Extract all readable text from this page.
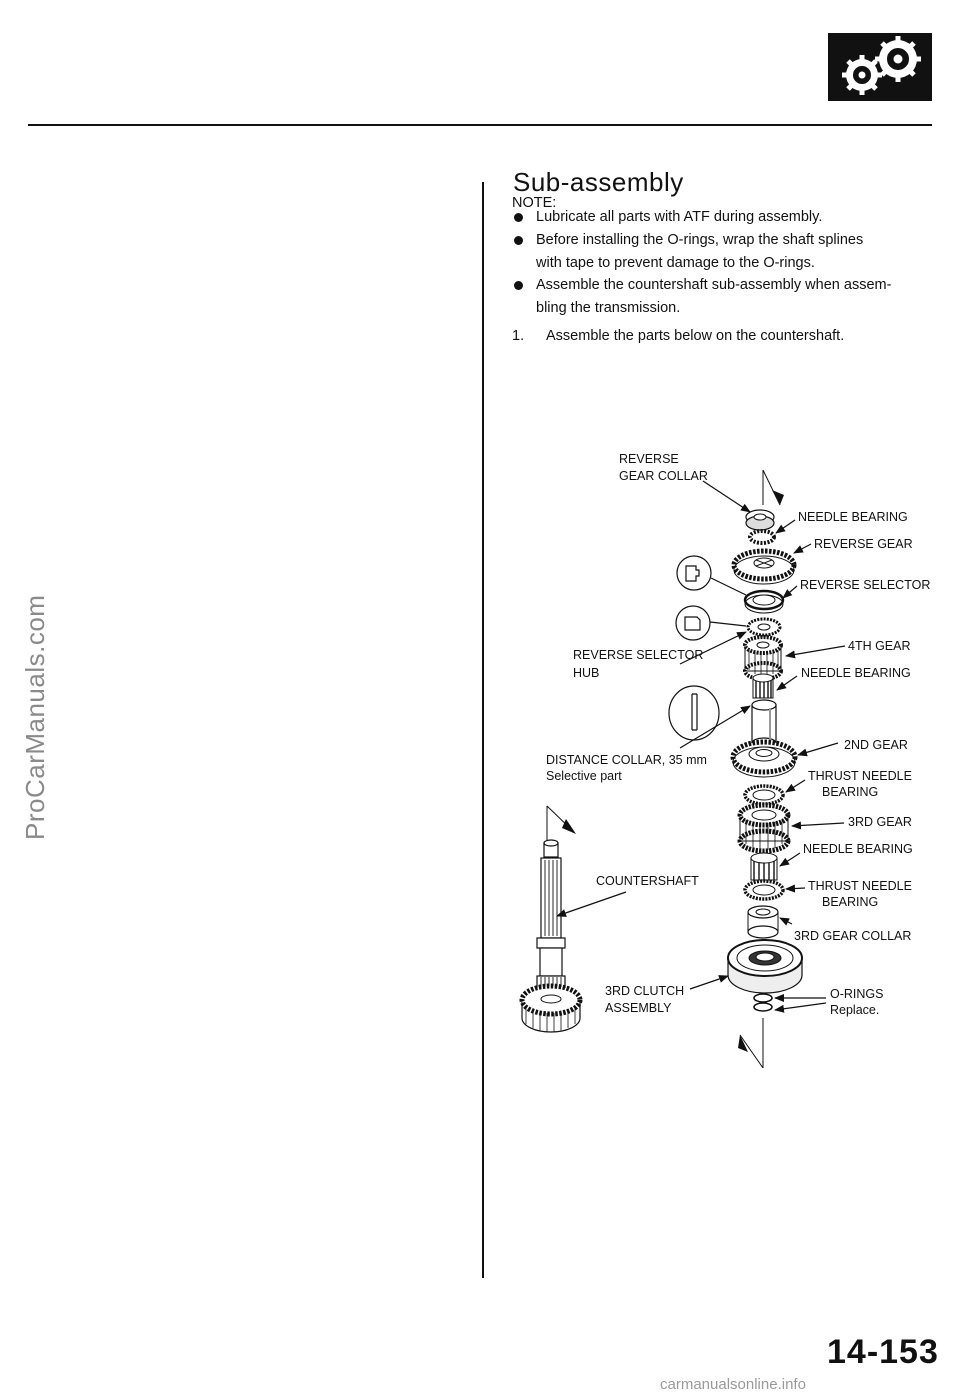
ProCarManuals.com
Sub-assembly
NOTE:
Lubricate all parts with ATF during assembly.
Before installing the O-rings, wrap the shaft splines
with tape to prevent damage to the O-rings.
Assemble the countershaft sub-assembly when assem-
bling the transmission.
1. Assemble the parts below on the countershaft.
REVERSE
GEAR COLLAR
NEEDLE BEARING
REVERSE GEAR
REVERSE SELECTOR
REVERSE SELECTOR
HUB
4TH GEAR
NEEDLE BEARING
DISTANCE COLLAR, 35 mm
Selective part
2ND GEAR
THRUST NEEDLE
BEARING
3RD GEAR
NEEDLE BEARING
COUNTERSHAFT	THRUST NEEDLE
BEARING
3RD GEAR COLLAR
3RD CLUTCH
ASSEMBLY
O-RINGS
Replace.
14-153
carmanualsonline.info
